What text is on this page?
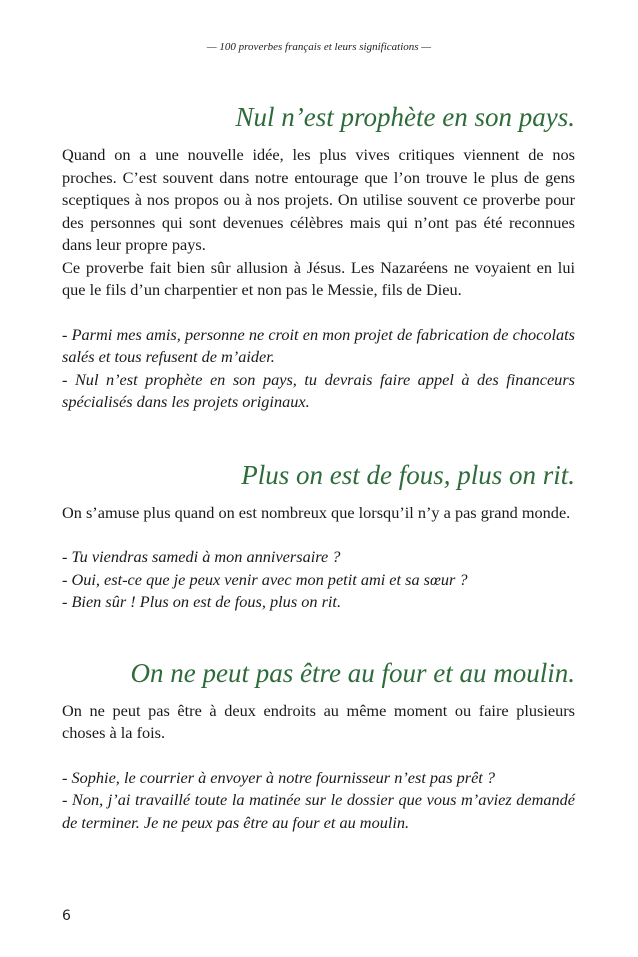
— 100 proverbes français et leurs significations —
Nul n’est prophète en son pays.

Quand on a une nouvelle idée, les plus vives critiques viennent de nos proches. C’est souvent dans notre entourage que l’on trouve le plus de gens sceptiques à nos propos ou à nos projets. On utilise souvent ce proverbe pour des personnes qui sont devenues célèbres mais qui n’ont pas été reconnues dans leur propre pays.

Ce proverbe fait bien sûr allusion à Jésus. Les Nazaréens ne voyaient en lui que le fils d’un charpentier et non pas le Messie, fils de Dieu.

- Parmi mes amis, personne ne croit en mon projet de fabrication de chocolats salés et tous refusent de m’aider.

- Nul n’est prophète en son pays, tu devrais faire appel à des financeurs spécialisés dans les projets originaux.

Plus on est de fous, plus on rit.

On s’amuse plus quand on est nombreux que lorsqu’il n’y a pas grand monde.

- Tu viendras samedi à mon anniversaire ?

- Oui, est-ce que je peux venir avec mon petit ami et sa sœur ?

- Bien sûr ! Plus on est de fous, plus on rit.

On ne peut pas être au four et au moulin.

On ne peut pas être à deux endroits au même moment ou faire plusieurs choses à la fois.

- Sophie, le courrier à envoyer à notre fournisseur n’est pas prêt ?

- Non, j’ai travaillé toute la matinée sur le dossier que vous m’aviez demandé de terminer. Je ne peux pas être au four et au moulin.

6
